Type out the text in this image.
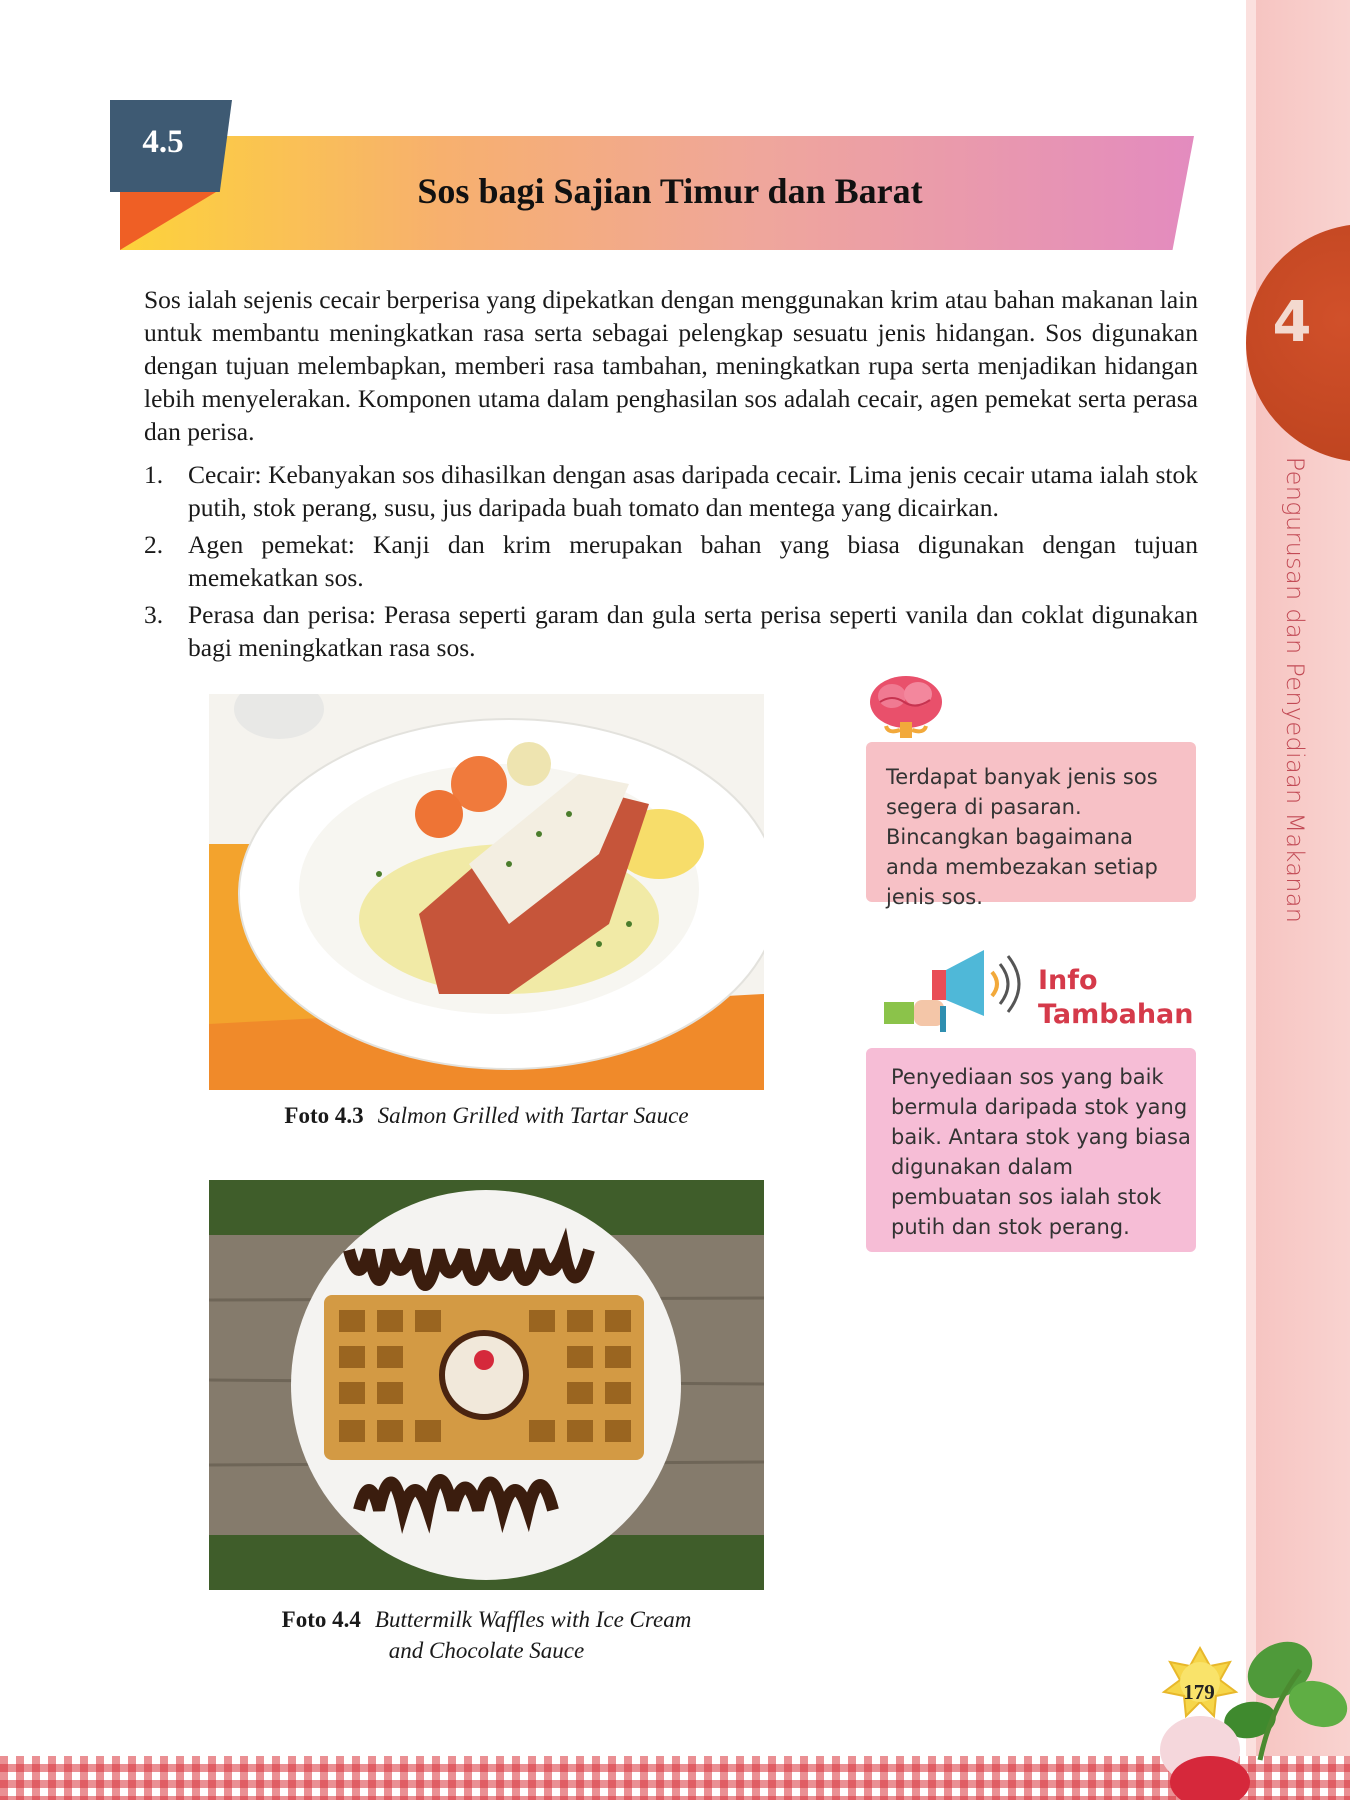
4
Pengurusan dan Penyediaan Makanan
4.5
Sos bagi Sajian Timur dan Barat

Sos ialah sejenis cecair berperisa yang dipekatkan dengan menggunakan krim atau bahan makanan lain untuk membantu meningkatkan rasa serta sebagai pelengkap sesuatu jenis hidangan. Sos digunakan dengan tujuan melembapkan, memberi rasa tambahan, meningkatkan rupa serta menjadikan hidangan lebih menyelerakan. Komponen utama dalam penghasilan sos adalah cecair, agen pemekat serta perasa dan perisa.

1. Cecair: Kebanyakan sos dihasilkan dengan asas daripada cecair. Lima jenis cecair utama ialah stok putih, stok perang, susu, jus daripada buah tomato dan mentega yang dicairkan.
2. Agen pemekat: Kanji dan krim merupakan bahan yang biasa digunakan dengan tujuan memekatkan sos.
3. Perasa dan perisa: Perasa seperti garam dan gula serta perisa seperti vanila dan coklat digunakan bagi meningkatkan rasa sos.
Foto 4.3 Salmon Grilled with Tartar Sauce
Foto 4.4 Buttermilk Waffles with Ice Cream
and Chocolate Sauce
Terdapat banyak jenis sos segera di pasaran. Bincangkan bagaimana anda membezakan setiap jenis sos.
Info
Tambahan
Penyediaan sos yang baik bermula daripada stok yang baik. Antara stok yang biasa digunakan dalam pembuatan sos ialah stok putih dan stok perang.
179
